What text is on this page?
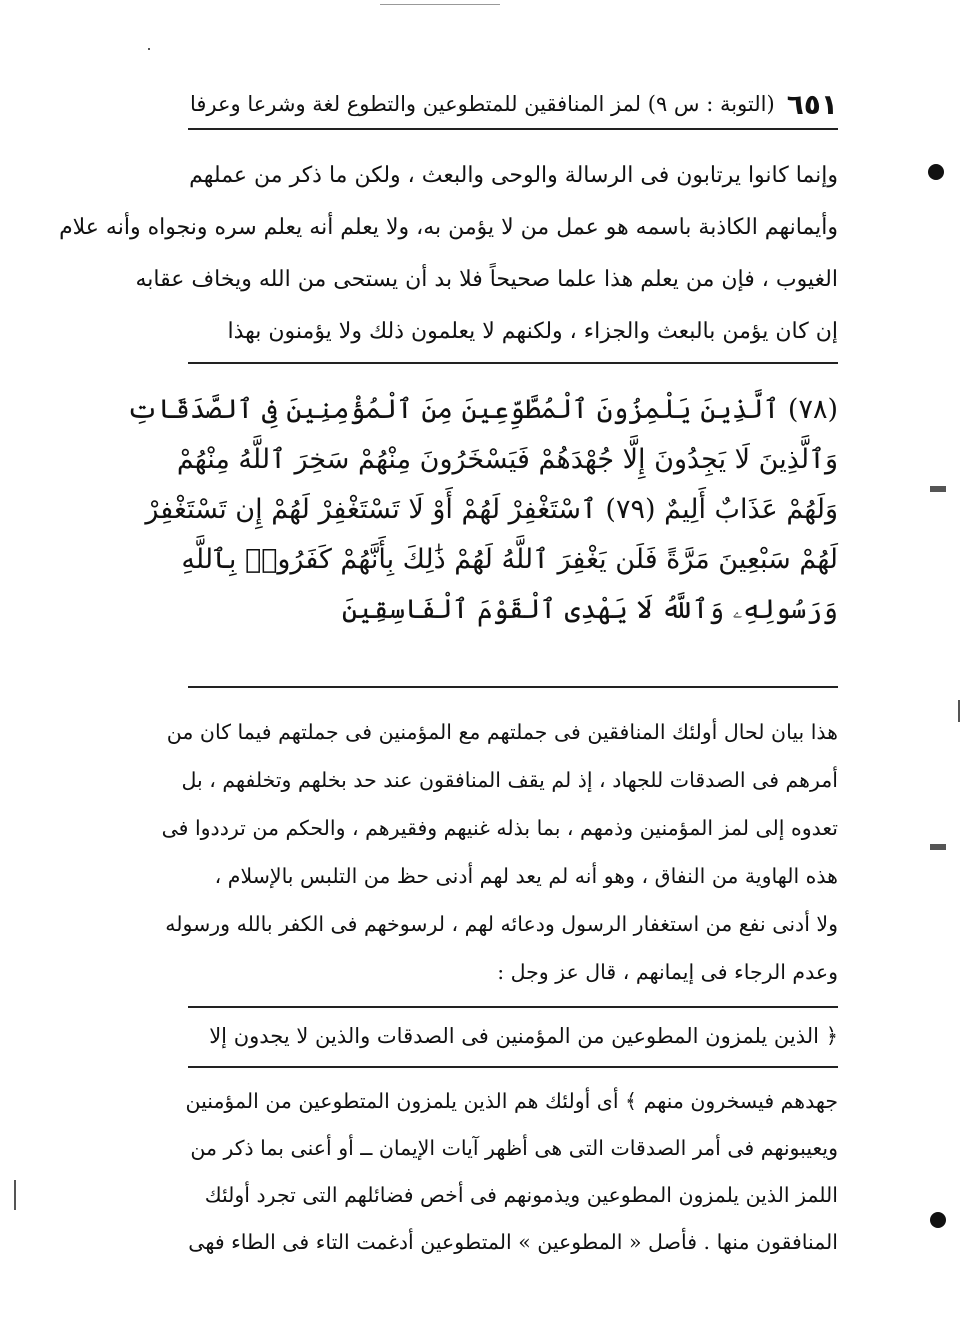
٦٥١
(التوبة : س ٩) لمز المنافقين للمتطوعين والتطوع لغة وشرعا وعرفا
وإنما كانوا يرتابون فى الرسالة والوحى والبعث ، ولكن ما ذكر من عملهم
وأيمانهم الكاذبة باسمه هو عمل من لا يؤمن به، ولا يعلم أنه يعلم سره ونجواه وأنه علام
الغيوب ، فإن من يعلم هذا علما صحيحاً فلا بد أن يستحى من الله ويخاف عقابه
إن كان يؤمن بالبعث والجزاء ، ولكنهم لا يعلمون ذلك ولا يؤمنون بهذا
(٧٨) ٱلَّذِينَ يَلْمِزُونَ ٱلْمُطَّوِّعِينَ مِنَ ٱلْمُؤْمِنِينَ فِى ٱلصَّدَقَاتِ
وَٱلَّذِينَ لَا يَجِدُونَ إِلَّا جُهْدَهُمْ فَيَسْخَرُونَ مِنْهُمْ سَخِرَ ٱللَّهُ مِنْهُمْ
وَلَهُمْ عَذَابٌ أَلِيمٌ (٧٩) ٱسْتَغْفِرْ لَهُمْ أَوْ لَا تَسْتَغْفِرْ لَهُمْ إِن تَسْتَغْفِرْ
لَهُمْ سَبْعِينَ مَرَّةً فَلَن يَغْفِرَ ٱللَّهُ لَهُمْ ذَٰلِكَ بِأَنَّهُمْ كَفَرُوا۟ بِٱللَّهِ
وَرَسُولِهِۦ وَٱللَّهُ لَا يَهْدِى ٱلْقَوْمَ ٱلْفَاسِقِينَ
هذا بيان لحال أولئك المنافقين فى جملتهم مع المؤمنين فى جملتهم فيما كان من
أمرهم فى الصدقات للجهاد ، إذ لم يقف المنافقون عند حد بخلهم وتخلفهم ، بل
تعدوه إلى لمز المؤمنين وذمهم ، بما بذله غنيهم وفقيرهم ، والحكم من ترددوا فى
هذه الهاوية من النفاق ، وهو أنه لم يعد لهم أدنى حظ من التلبس بالإسلام ،
ولا أدنى نفع من استغفار الرسول ودعائه لهم ، لرسوخهم فى الكفر بالله ورسوله
وعدم الرجاء فى إيمانهم ، قال عز وجل :
﴿ الذين يلمزون المطوعين من المؤمنين فى الصدقات والذين لا يجدون إلا
جهدهم فيسخرون منهم ﴾ أى أولئك هم الذين يلمزون المتطوعين من المؤمنين
ويعيبونهم فى أمر الصدقات التى هى أظهر آيات الإيمان ــ أو أعنى بما ذكر من
اللمز الذين يلمزون المطوعين ويذمونهم فى أخص فضائلهم التى تجرد أولئك
المنافقون منها . فأصل « المطوعين » المتطوعين أدغمت التاء فى الطاء فهى
